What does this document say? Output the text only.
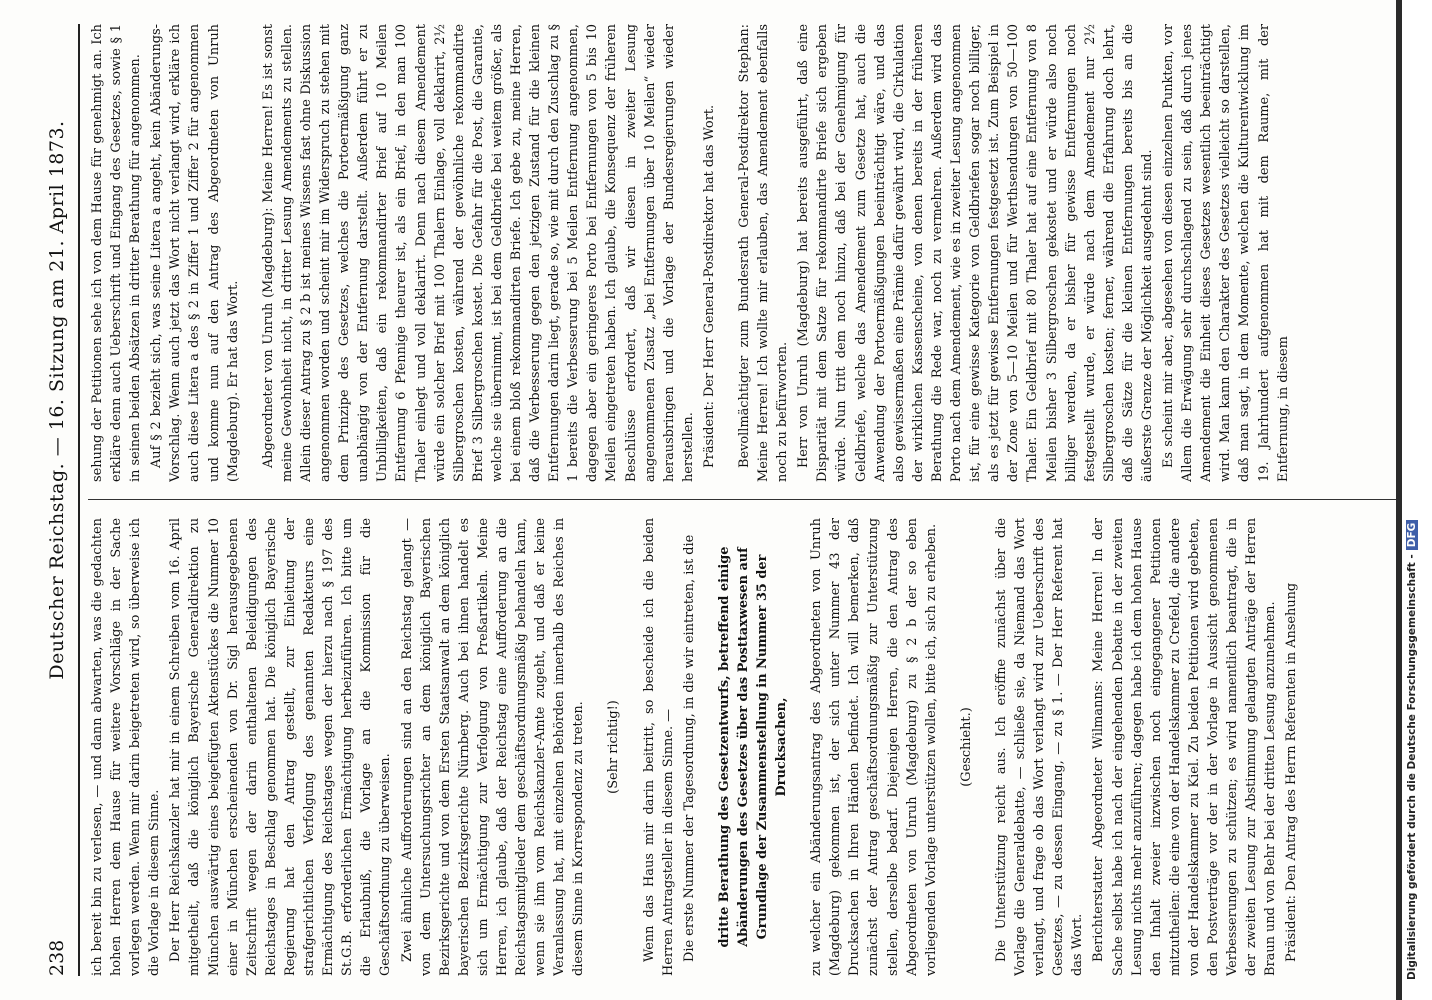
238
Deutscher Reichstag. — 16. Sitzung am 21. April 1873.

ich bereit bin zu verlesen, — und dann abwarten, was die gedachten hohen Herren dem Hause für weitere Vorschläge in der Sache vorlegen werden. Wenn mir darin beigetreten wird, so überweise ich die Vorlage in diesem Sinne. Der Herr Reichskanzler hat mir in einem Schreiben vom 16. April mitgetheilt, daß die königlich Bayerische Generaldirektion zu München auswärtig eines beigefügten Aktenstückes die Nummer 10 einer in München erscheinenden von Dr. Sigl herausgegebenen Zeitschrift wegen der darin enthaltenen Beleidigungen des Reichstages in Beschlag genommen hat. Die königlich Bayerische Regierung hat den Antrag gestellt, zur Einleitung der strafgerichtlichen Verfolgung des genannten Redakteurs eine Ermächtigung des Reichstages wegen der hierzu nach § 197 des St.G.B. erforderlichen Ermächtigung herbeizuführen. Ich bitte um die Erlaubniß, die Vorlage an die Kommission für die Geschäftsordnung zu überweisen. Zwei ähnliche Aufforderungen sind an den Reichstag gelangt — von dem Untersuchungsrichter an dem königlich Bayerischen Bezirksgerichte und von dem Ersten Staatsanwalt an dem königlich bayerischen Bezirksgerichte Nürnberg. Auch bei ihnen handelt es sich um Ermächtigung zur Verfolgung von Preßartikeln. Meine Herren, ich glaube, daß der Reichstag eine Aufforderung an die Reichstagsmitglieder dem geschäftsordnungsmäßig behandeln kann, wenn sie ihm vom Reichskanzler-Amte zugeht, und daß er keine Veranlassung hat, mit einzelnen Behörden innerhalb des Reiches in diesem Sinne in Korrespondenz zu treten. (Sehr richtig!) Wenn das Haus mir darin beitritt, so bescheide ich die beiden Herren Antragsteller in diesem Sinne. — Die erste Nummer der Tagesordnung, in die wir eintreten, ist die dritte Berathung des Gesetzentwurfs, betreffend einige Abänderungen des Gesetzes über das Posttaxwesen auf Grundlage der Zusammenstellung in Nummer 35 der Drucksachen, zu welcher ein Abänderungsantrag des Abgeordneten von Unruh (Magdeburg) gekommen ist, der sich unter Nummer 43 der Drucksachen in Ihren Händen befindet. Ich will bemerken, daß zunächst der Antrag geschäftsordnungsmäßig zur Unterstützung stellen, derselbe bedarf. Diejenigen Herren, die den Antrag des Abgeordneten von Unruh (Magdeburg) zu § 2 b der so eben vorliegenden Vorlage unterstützen wollen, bitte ich, sich zu erheben. (Geschieht.) Die Unterstützung reicht aus. Ich eröffne zunächst über die Vorlage die Generaldebatte, — schließe sie, da Niemand das Wort verlangt, und frage ob das Wort verlangt wird zur Ueberschrift des Gesetzes, — zu dessen Eingang, — zu § 1. — Der Herr Referent hat das Wort. Berichterstatter Abgeordneter Wilmanns: Meine Herren! In der Sache selbst habe ich nach der eingehenden Debatte in der zweiten Lesung nichts mehr anzuführen; dagegen habe ich dem hohen Hause den Inhalt zweier inzwischen noch eingegangener Petitionen mitzutheilen: die eine von der Handelskammer zu Crefeld, die andere von der Handelskammer zu Kiel. Zu beiden Petitionen wird gebeten, den Postverträge vor der in der Vorlage in Aussicht genommenen Verbesserungen zu schützen; es wird namentlich beantragt, die in der zweiten Lesung zur Abstimmung gelangten Anträge der Herren Braun und von Behr bei der dritten Lesung anzunehmen. Präsident: Den Antrag des Herrn Referenten in Ansehung

sehung der Petitionen sehe ich von dem Hause für genehmigt an. Ich erkläre denn auch Ueberschrift und Eingang des Gesetzes, sowie § 1 in seinen beiden Absätzen in dritter Berathung für angenommen. Auf § 2 bezieht sich, was seine Litera a angeht, kein Abänderungs-Vorschlag. Wenn auch jetzt das Wort nicht verlangt wird, erkläre ich auch diese Litera a des § 2 in Ziffer 1 und Ziffer 2 für angenommen und komme nun auf den Antrag des Abgeordneten von Unruh (Magdeburg). Er hat das Wort. Abgeordneter von Unruh (Magdeburg): Meine Herren! Es ist sonst meine Gewohnheit nicht, in dritter Lesung Amendements zu stellen. Allein dieser Antrag zu § 2 b ist meines Wissens fast ohne Diskussion angenommen worden und scheint mir im Widerspruch zu stehen mit dem Prinzipe des Gesetzes, welches die Portoermäßigung ganz unabhängig von der Entfernung darstellt. Außerdem führt er zu Unbilligkeiten, daß ein rekommandirter Brief auf 10 Meilen Entfernung 6 Pfennige theurer ist, als ein Brief, in den man 100 Thaler einlegt und voll deklarirt. Denn nach diesem Amendement würde ein solcher Brief mit 100 Thalern Einlage, voll deklarirt, 2½ Silbergroschen kosten, während der gewöhnliche rekommandirte Brief 3 Silbergroschen kostet. Die Gefahr für die Post, die Garantie, welche sie übernimmt, ist bei dem Geldbriefe bei weitem größer, als bei einem bloß rekommandirten Briefe. Ich gebe zu, meine Herren, daß die Verbesserung gegen den jetzigen Zustand für die kleinen Entfernungen darin liegt, gerade so, wie mit durch den Zuschlag zu § 1 bereits die Verbesserung bei 5 Meilen Entfernung angenommen, dagegen aber ein geringeres Porto bei Entfernungen von 5 bis 10 Meilen eingetreten haben. Ich glaube, die Konsequenz der früheren Beschlüsse erfordert, daß wir diesen in zweiter Lesung angenommenen Zusatz „bei Entfernungen über 10 Meilen“ wieder herausbringen und die Vorlage der Bundesregierungen wieder herstellen. Präsident: Der Herr General-Postdirektor hat das Wort. Bevollmächtigter zum Bundesrath General-Postdirektor Stephan: Meine Herren! Ich wollte mir erlauben, das Amendement ebenfalls noch zu befürworten. Herr von Unruh (Magdeburg) hat bereits ausgeführt, daß eine Disparität mit dem Satze für rekommandirte Briefe sich ergeben würde. Nun tritt dem noch hinzu, daß bei der Genehmigung für Geldbriefe, welche das Amendement zum Gesetze hat, auch die Anwendung der Portoermäßigungen beeinträchtigt wäre, und das also gewissermaßen eine Prämie dafür gewährt wird, die Cirkulation der wirklichen Kassenscheine, von denen bereits in der früheren Berathung die Rede war, noch zu vermehren. Außerdem wird das Porto nach dem Amendement, wie es in zweiter Lesung angenommen ist, für eine gewisse Kategorie von Geldbriefen sogar noch billiger, als es jetzt für gewisse Entfernungen festgesetzt ist. Zum Beispiel in der Zone von 5—10 Meilen und für Werthsendungen von 50—100 Thaler. Ein Geldbrief mit 80 Thaler hat auf eine Entfernung von 8 Meilen bisher 3 Silbergroschen gekostet und er würde also noch billiger werden, da er bisher für gewisse Entfernungen noch festgestellt wurde, er würde nach dem Amendement nur 2½ Silbergroschen kosten; ferner, während die Erfahrung doch lehrt, daß die Sätze für die kleinen Entfernungen bereits bis an die äußerste Grenze der Möglichkeit ausgedehnt sind. Es scheint mir aber, abgesehen von diesen einzelnen Punkten, vor Allem die Erwägung sehr durchschlagend zu sein, daß durch jenes Amendement die Einheit dieses Gesetzes wesentlich beeinträchtigt wird. Man kann den Charakter des Gesetzes vielleicht so darstellen, daß man sagt, in dem Momente, welchen die Kulturentwicklung im 19. Jahrhundert aufgenommen hat mit dem Raume, mit der Entfernung, in diesem

Digitalisierung gefördert durch die Deutsche Forschungsgemeinschaft -DFG
